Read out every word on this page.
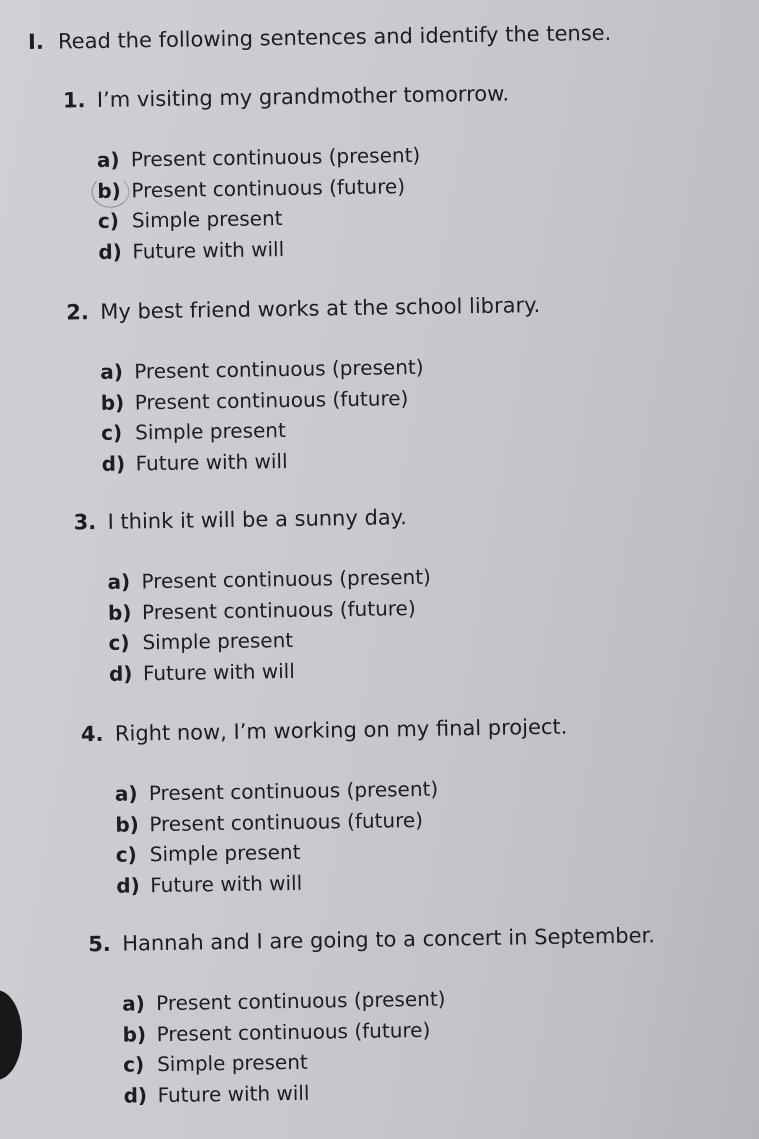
I. Read the following sentences and identify the tense.
1. I’m visiting my grandmother tomorrow.
a) Present continuous (present)
b) Present continuous (future)
c) Simple present
d) Future with will
2. My best friend works at the school library.
a) Present continuous (present)
b) Present continuous (future)
c) Simple present
d) Future with will
3. I think it will be a sunny day.
a) Present continuous (present)
b) Present continuous (future)
c) Simple present
d) Future with will
4. Right now, I’m working on my final project.
a) Present continuous (present)
b) Present continuous (future)
c) Simple present
d) Future with will
5. Hannah and I are going to a concert in September.
a) Present continuous (present)
b) Present continuous (future)
c) Simple present
d) Future with will
